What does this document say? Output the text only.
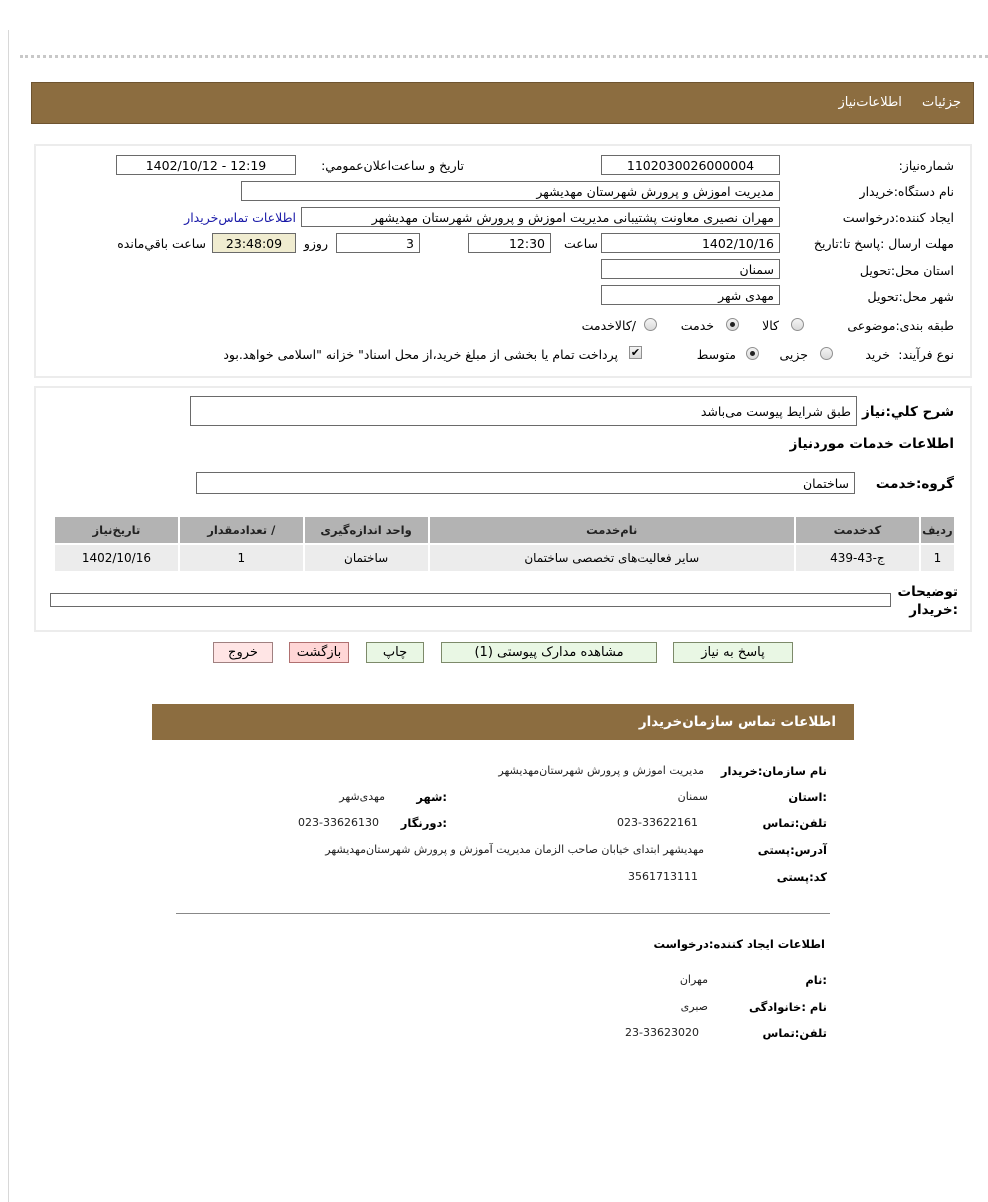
جزئیات اطلاعات‌نیاز
شماره‌نیاز:
1102030026000004
تاریخ و ساعت‌اعلان‌عمومي:
1402/10/12 - 12:19
نام دستگاه:خریدار
مدیریت اموزش و پرورش شهرستان مهدیشهر
ایجاد کننده:درخواست
مهران نصیری معاونت پشتیبانی مدیریت اموزش و پرورش شهرستان مهدیشهر
اطلاعات تماس‌خریدار
مهلت ارسال :پاسخ تا:تاریخ
1402/10/16
ساعت
12:30
3
روزو
23:48:09
ساعت باقي‌مانده
استان محل:تحویل
سمنان
شهر محل:تحویل
مهدی شهر
طبقه بندی:موضوعی
کالا
خدمت
/کالاخدمت
نوع فرآیند:
خرید
جزیی
متوسط
✔
پرداخت تمام یا بخشی از مبلغ خرید،از محل اسناد" خزانه "اسلامی خواهد.بود
شرح کلي:نیاز
طبق شرایط پیوست می‌باشد
اطلاعات خدمات مورد‌نیاز
گروه:خدمت
ساختمان
ردیف	کدخدمت	نام‌خدمت	واحد اندازه‌گیری	/ تعدادمقدار	تاریخ‌نیاز
1	ج-43-439	سایر فعالیت‌های تخصصی ساختمان	ساختمان	1	1402/10/16
توضیحات
:خریدار
پاسخ به نیاز
مشاهده مدارک پیوستی (1)
چاپ
بازگشت
خروج
اطلاعات تماس سازمان‌خریدار
نام سازمان:خریدار
مدیریت اموزش و پرورش شهرستان‌مهدیشهر
:استان
سمنان
:شهر
مهدی‌شهر
تلفن:تماس
023-33622161
:دورنگار
023-33626130
آدرس:پستی
مهدیشهر ابتدای خیابان صاحب الزمان مدیریت آموزش و پرورش شهرستان‌مهدیشهر
کد:پستی
3561713111
اطلاعات ایجاد کننده:درخواست
:نام
مهران
نام :خانوادگی
صبری
تلفن:تماس
23-33623020
